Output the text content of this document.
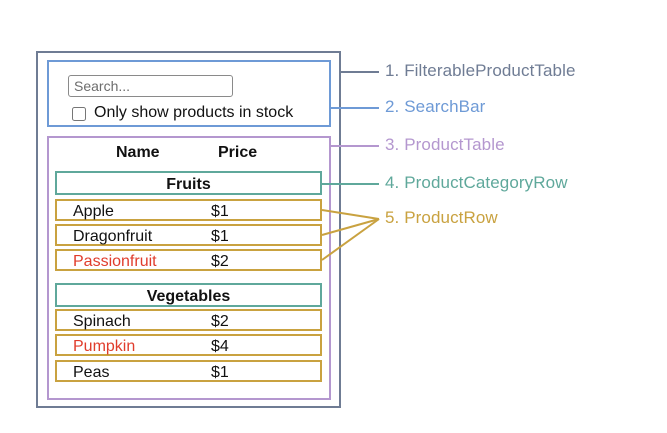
Search...
Only show products in stock
Name	Price
Fruits
Apple	$1
Dragonfruit	$1
Passionfruit	$2
Vegetables
Spinach	$2
Pumpkin	$4
Peas	$1
1. FilterableProductTable
2. SearchBar
3. ProductTable
4. ProductCategoryRow
5. ProductRow
